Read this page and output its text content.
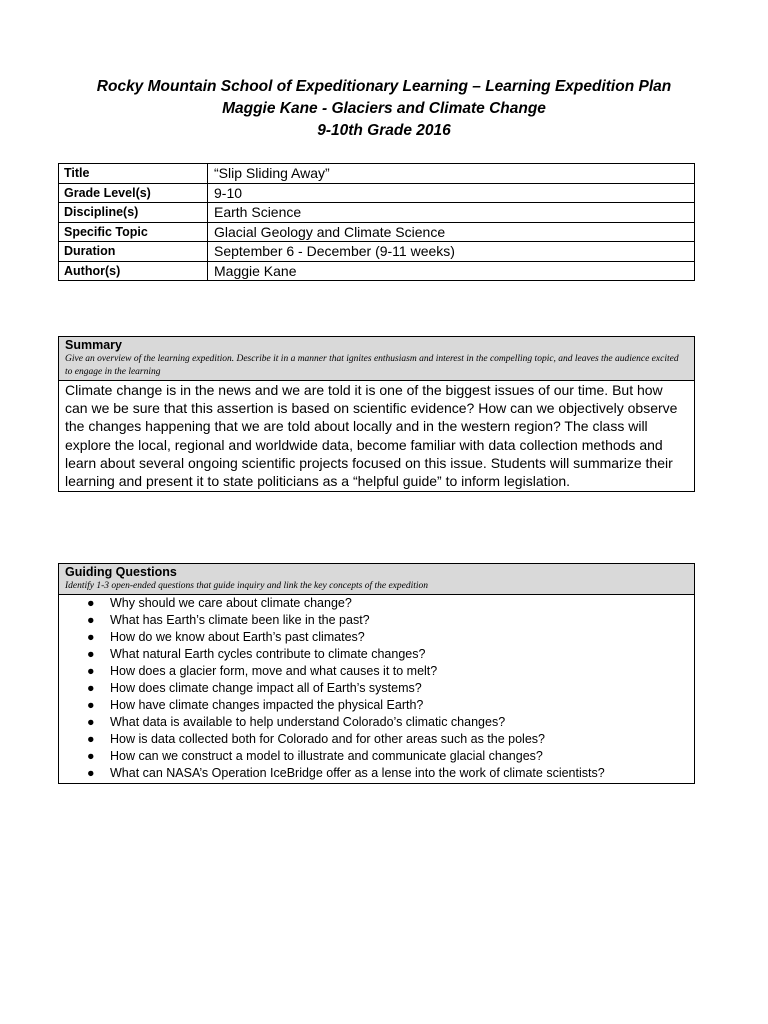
Rocky Mountain School of Expeditionary Learning – Learning Expedition Plan
Maggie Kane - Glaciers and Climate Change
9-10th Grade 2016
Title	“Slip Sliding Away”
Grade Level(s)	9-10
Discipline(s)	Earth Science
Specific Topic	Glacial Geology and Climate Science
Duration	September 6 - December (9-11 weeks)
Author(s)	Maggie Kane
Summary
Give an overview of the learning expedition. Describe it in a manner that ignites enthusiasm and interest in the compelling topic, and leaves the audience excited to engage in the learning

Climate change is in the news and we are told it is one of the biggest issues of our time. But how can we be sure that this assertion is based on scientific evidence? How can we objectively observe the changes happening that we are told about locally and in the western region? The class will explore the local, regional and worldwide data, become familiar with data collection methods and learn about several ongoing scientific projects focused on this issue. Students will summarize their learning and present it to state politicians as a “helpful guide” to inform legislation.
Guiding Questions
Identify 1-3 open-ended questions that guide inquiry and link the key concepts of the expedition

● Why should we care about climate change?
● What has Earth’s climate been like in the past?
● How do we know about Earth’s past climates?
● What natural Earth cycles contribute to climate changes?
● How does a glacier form, move and what causes it to melt?
● How does climate change impact all of Earth’s systems?
● How have climate changes impacted the physical Earth?
● What data is available to help understand Colorado’s climatic changes?
● How is data collected both for Colorado and for other areas such as the poles?
● How can we construct a model to illustrate and communicate glacial changes?
● What can NASA’s Operation IceBridge offer as a lense into the work of climate scientists?
